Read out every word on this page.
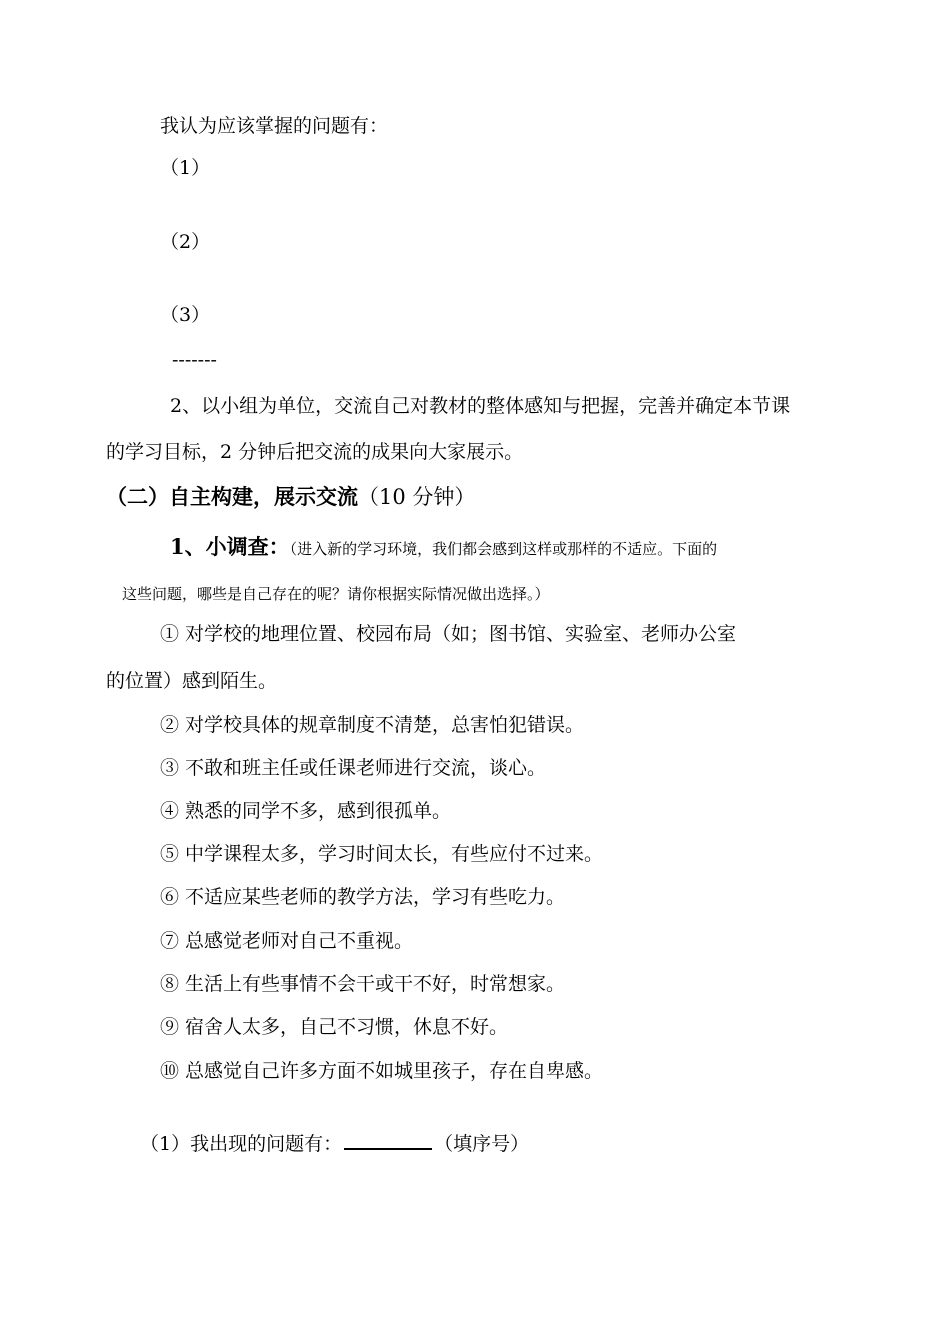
我认为应该掌握的问题有：
（1）
（2）
（3）
-------
2、以小组为单位，交流自己对教材的整体感知与把握，完善并确定本节课
的学习目标，2 分钟后把交流的成果向大家展示。
（二）自主构建，展示交流（10 分钟）
1、小调查：（进入新的学习环境，我们都会感到这样或那样的不适应。下面的
这些问题，哪些是自己存在的呢？请你根据实际情况做出选择。）
① 对学校的地理位置、校园布局（如；图书馆、实验室、老师办公室
的位置）感到陌生。
② 对学校具体的规章制度不清楚，总害怕犯错误。
③ 不敢和班主任或任课老师进行交流，谈心。
④ 熟悉的同学不多，感到很孤单。
⑤ 中学课程太多，学习时间太长，有些应付不过来。
⑥ 不适应某些老师的教学方法，学习有些吃力。
⑦ 总感觉老师对自己不重视。
⑧ 生活上有些事情不会干或干不好，时常想家。
⑨ 宿舍人太多，自己不习惯，休息不好。
⑩ 总感觉自己许多方面不如城里孩子，存在自卑感。
（1）我出现的问题有：	（填序号）
